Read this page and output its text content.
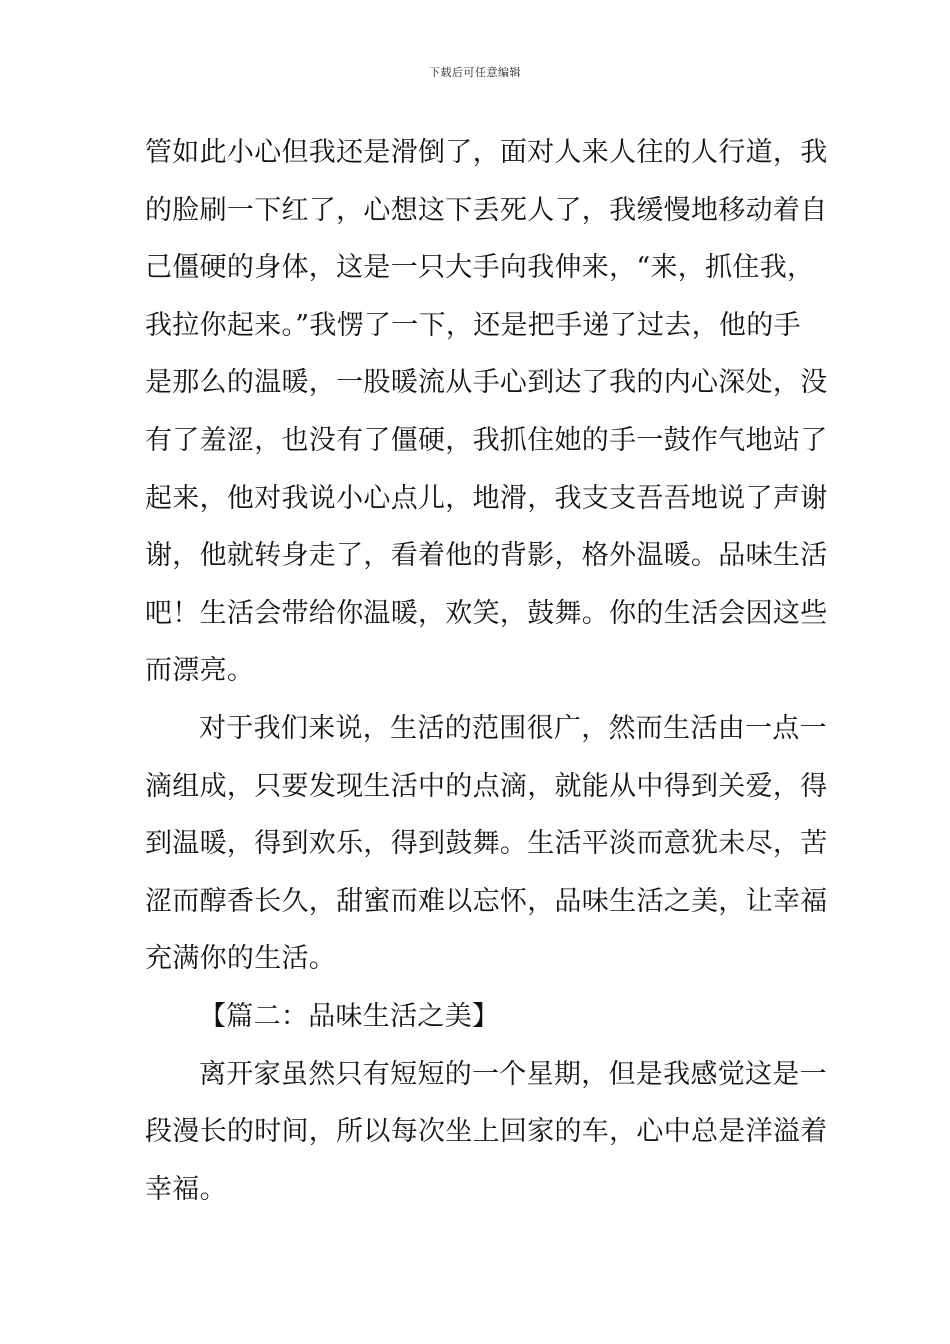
下载后可任意编辑
管如此小心但我还是滑倒了，面对人来人往的人行道，我
的脸刷一下红了，心想这下丢死人了，我缓慢地移动着自
己僵硬的身体，这是一只大手向我伸来，“来，抓住我，
我拉你起来。”我愣了一下，还是把手递了过去，他的手
是那么的温暖，一股暖流从手心到达了我的内心深处，没
有了羞涩，也没有了僵硬，我抓住她的手一鼓作气地站了
起来，他对我说小心点儿，地滑，我支支吾吾地说了声谢
谢，他就转身走了，看着他的背影，格外温暖。品味生活
吧！生活会带给你温暖，欢笑，鼓舞。你的生活会因这些
而漂亮。
对于我们来说，生活的范围很广，然而生活由一点一
滴组成，只要发现生活中的点滴，就能从中得到关爱，得
到温暖，得到欢乐，得到鼓舞。生活平淡而意犹未尽，苦
涩而醇香长久，甜蜜而难以忘怀，品味生活之美，让幸福
充满你的生活。
【篇二：品味生活之美】
离开家虽然只有短短的一个星期，但是我感觉这是一
段漫长的时间，所以每次坐上回家的车，心中总是洋溢着
幸福。
